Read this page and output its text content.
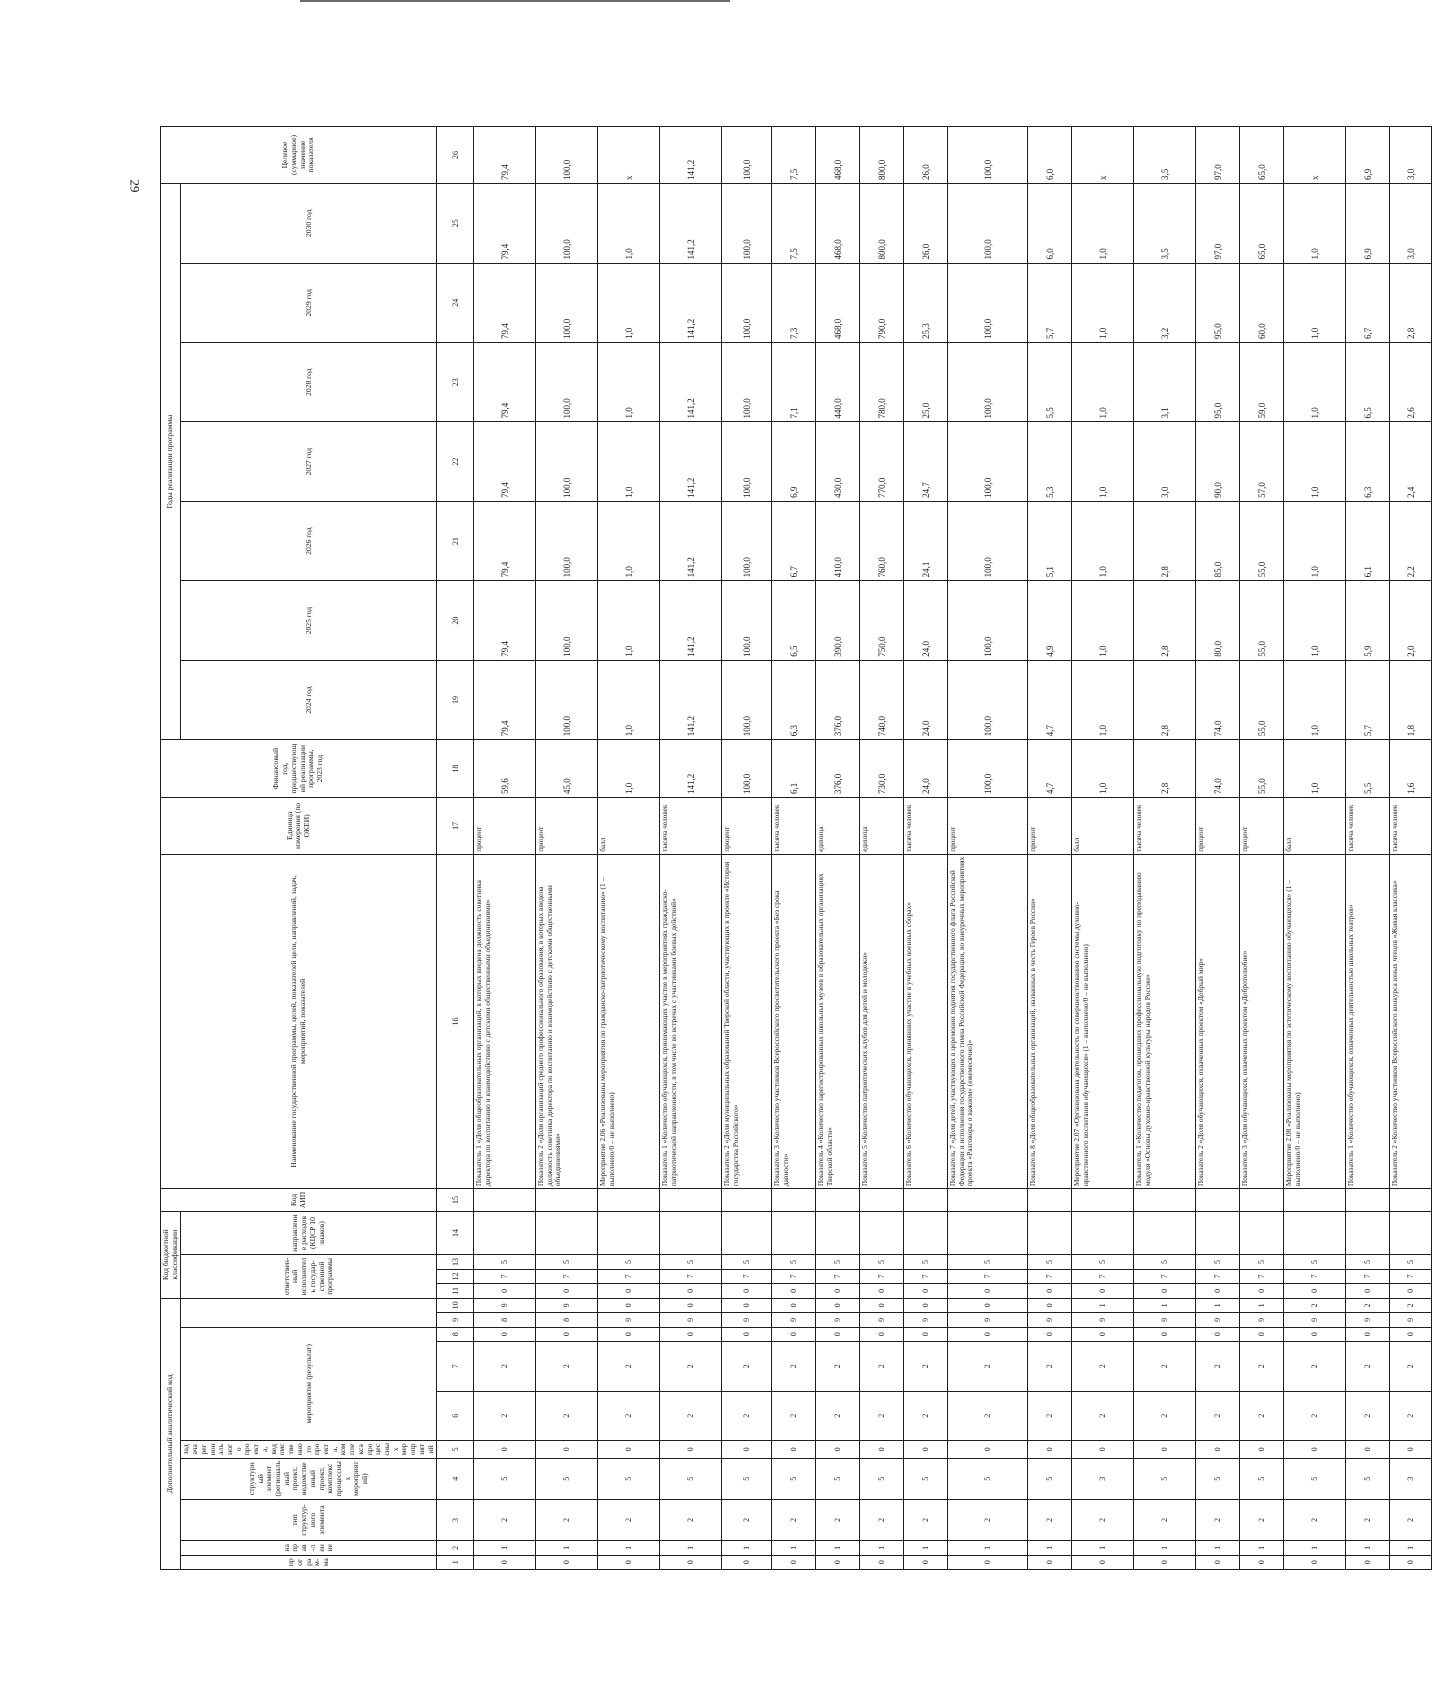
29
Дополнительный аналитический код										Код бюджетной классификации				Код АИП	Наименование государственной программы, целей, показателей цели, направлений, задач, мероприятий, показателей	Единица измерения (по ОКЕИ)	Финансовый год, предшествующий реализации программы, 2023 год	Годы реализации программы							Целевое (суммарное) значение показателя
програм-ма	направ-ление	тип структур-ного элемента	структурный элемент (региональный проект, ведомственный проект, комплекс процессных мероприятий)	задача регионального проекта, ведомственного проекта, комплекса процессных мероприятий	мероприятие (результат)					ответствен-ный исполнитель государ-ственной программы			направление расходов (КЦСР 10 знаков)					2024 год	2025 год	2026 год	2027 год	2028 год	2029 год	2030 год	

1	2	3	4	5	6	7	8	9	10	11	12	13	14	15	16	17	18	19	20	21	22	23	24	25	26
0	1	2	5	0	2	2	0	8	9	0	7	5			Показатель 1 «Доля общеобразовательных организаций, в которых введена должность советника директора по воспитанию и взаимодействию с детскими общественными объединениями»	процент	59,6	79,4	79,4	79,4	79,4	79,4	79,4	79,4	79,4
0	1	2	5	0	2	2	0	8	9	0	7	5			Показатель 2 «Доля организаций среднего профессионального образования, в которых введена должность советника директора по воспитанию и взаимодействию с детскими общественными объединениями»	процент	45,0	100,0	100,0	100,0	100,0	100,0	100,0	100,0	100,0
0	1	2	5	0	2	2	0	9	0	0	7	5			Мероприятие 2.06 «Реализованы мероприятия по гражданско-патриотическому воспитанию» (1 – выполнено/0 – не выполнено)	балл	1,0	1,0	1,0	1,0	1,0	1,0	1,0	1,0	х
0	1	2	5	0	2	2	0	9	0	0	7	5			Показатель 1 «Количество обучающихся, принимающих участие в мероприятиях гражданско-патриотической направленности, в том числе во встречах с участниками боевых действий»	тысяча человек	141,2	141,2	141,2	141,2	141,2	141,2	141,2	141,2	141,2
0	1	2	5	0	2	2	0	9	0	0	7	5			Показатель 2 «Доля муниципальных образований Тверской области, участвующих в проекте «История государства Российского»	процент	100,0	100,0	100,0	100,0	100,0	100,0	100,0	100,0	100,0
0	1	2	5	0	2	2	0	9	0	0	7	5			Показатель 3 «Количество участников Всероссийского просветительского проекта «Без срока давности»	тысяча человек	6,1	6,3	6,5	6,7	6,9	7,1	7,3	7,5	7,5
0	1	2	5	0	2	2	0	9	0	0	7	5			Показатель 4 «Количество зарегистрированных школьных музеев в образовательных организациях Тверской области»	единица	376,0	376,0	390,0	410,0	430,0	440,0	468,0	468,0	468,0
0	1	2	5	0	2	2	0	9	0	0	7	5			Показатель 5 «Количество патриотических клубов для детей и молодежи»	единица	730,0	740,0	750,0	760,0	770,0	780,0	790,0	800,0	800,0
0	1	2	5	0	2	2	0	9	0	0	7	5			Показатель 6 «Количество обучающихся, принявших участие в учебных военных сборах»	тысяча человек	24,0	24,0	24,0	24,1	24,7	25,0	25,3	26,0	26,0
0	1	2	5	0	2	2	0	9	0	0	7	5			Показатель 7 «Доля детей, участвующих в церемонии поднятия государственного флага Российской Федерации и исполнения государственного гимна Российской Федерации, во внеурочных мероприятиях проекта «Разговоры о важном» (ежемесячно)»	процент	100,0	100,0	100,0	100,0	100,0	100,0	100,0	100,0	100,0
0	1	2	5	0	2	2	0	9	0	0	7	5			Показатель 8 «Доля общеобразовательных организаций, названных в честь Героев России»	процент	4,7	4,7	4,9	5,1	5,3	5,5	5,7	6,0	6,0
0	1	2	3	0	2	2	0	9	1	0	7	5			Мероприятие 2.07 «Организована деятельность по совершенствованию системы духовно-нравственного воспитания обучающихся» (1 – выполнено/0 – не выполнено)	балл	1,0	1,0	1,0	1,0	1,0	1,0	1,0	1,0	х
0	1	2	5	0	2	2	0	9	1	0	7	5			Показатель 1 «Количество педагогов, прошедших профессиональную подготовку по преподаванию модуля «Основы духовно-нравственной культуры народов России»	тысяча человек	2,8	2,8	2,8	2,8	3,0	3,1	3,2	3,5	3,5
0	1	2	5	0	2	2	0	9	1	0	7	5			Показатель 2 «Доля обучающихся, охваченных проектом «Добрый мир»	процент	74,0	74,0	80,0	85,0	90,0	95,0	95,0	97,0	97,0
0	1	2	5	0	2	2	0	9	1	0	7	5			Показатель 3 «Доля обучающихся, охваченных проектом «Добротолюбие»	процент	55,0	55,0	55,0	55,0	57,0	59,0	60,0	65,0	65,0
0	1	2	5	0	2	2	0	9	2	0	7	5			Мероприятие 2.08 «Реализованы мероприятия по эстетическому воспитанию обучающихся» (1 – выполнено/0 – не выполнено)	балл	1,0	1,0	1,0	1,0	1,0	1,0	1,0	1,0	х
0	1	2	5	0	2	2	0	9	2	0	7	5			Показатель 1 «Количество обучающихся, охваченных деятельностью школьных театров»	тысяча человек	5,5	5,7	5,9	6,1	6,3	6,5	6,7	6,9	6,9
0	1	2	3	0	2	2	0	9	2	0	7	5			Показатель 2 «Количество участников Всероссийского конкурса юных чтецов «Живая классика»	тысяча человек	1,6	1,8	2,0	2,2	2,4	2,6	2,8	3,0	3,0
